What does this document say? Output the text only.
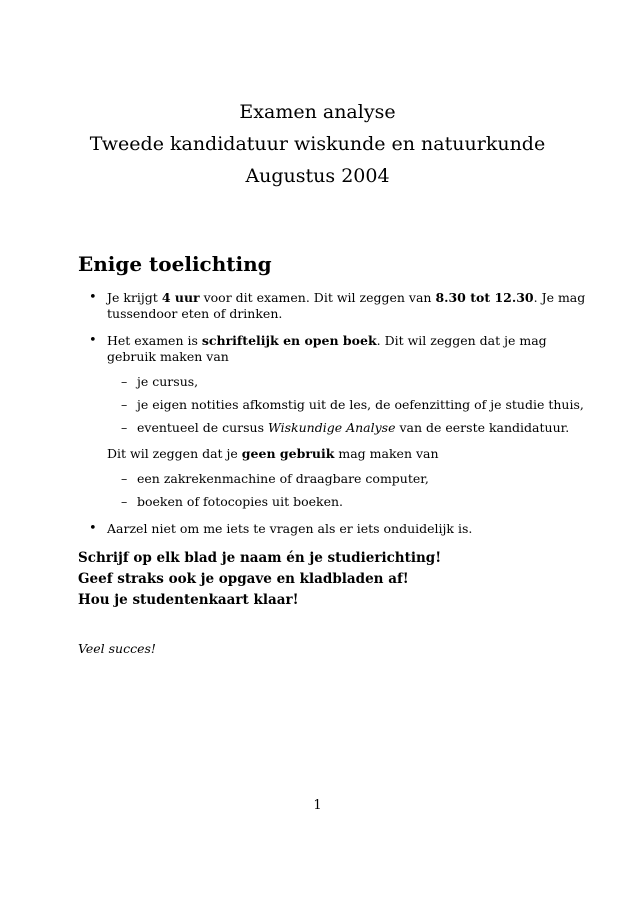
Examen analyse

Tweede kandidatuur wiskunde en natuurkunde

Augustus 2004

Enige toelichting
• Je krijgt 4 uur voor dit examen. Dit wil zeggen van 8.30 tot 12.30. Je mag tussendoor eten of drinken.
• Het examen is schriftelijk en open boek. Dit wil zeggen dat je mag gebruik maken van
– je cursus,
– je eigen notities afkomstig uit de les, de oefenzitting of je studie thuis,
– eventueel de cursus Wiskundige Analyse van de eerste kandidatuur.
Dit wil zeggen dat je geen gebruik mag maken van
– een zakrekenmachine of draagbare computer,
– boeken of fotocopies uit boeken.
• Aarzel niet om me iets te vragen als er iets onduidelijk is.

Schrijf op elk blad je naam én je studierichting!

Geef straks ook je opgave en kladbladen af!

Hou je studentenkaart klaar!

Veel succes!

1
